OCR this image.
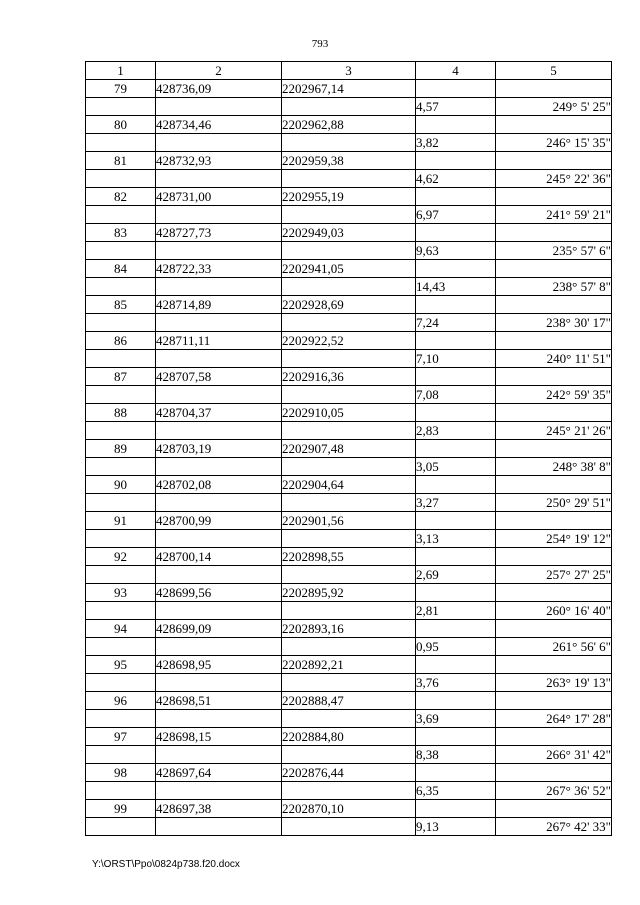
793
1	2	3	4	5
79	428736,09	2202967,14		
			4,57	249° 5' 25"
80	428734,46	2202962,88		
			3,82	246° 15' 35"
81	428732,93	2202959,38		
			4,62	245° 22' 36"
82	428731,00	2202955,19		
			6,97	241° 59' 21"
83	428727,73	2202949,03		
			9,63	235° 57' 6"
84	428722,33	2202941,05		
			14,43	238° 57' 8"
85	428714,89	2202928,69		
			7,24	238° 30' 17"
86	428711,11	2202922,52		
			7,10	240° 11' 51"
87	428707,58	2202916,36		
			7,08	242° 59' 35"
88	428704,37	2202910,05		
			2,83	245° 21' 26"
89	428703,19	2202907,48		
			3,05	248° 38' 8"
90	428702,08	2202904,64		
			3,27	250° 29' 51"
91	428700,99	2202901,56		
			3,13	254° 19' 12"
92	428700,14	2202898,55		
			2,69	257° 27' 25"
93	428699,56	2202895,92		
			2,81	260° 16' 40"
94	428699,09	2202893,16		
			0,95	261° 56' 6"
95	428698,95	2202892,21		
			3,76	263° 19' 13"
96	428698,51	2202888,47		
			3,69	264° 17' 28"
97	428698,15	2202884,80		
			8,38	266° 31' 42"
98	428697,64	2202876,44		
			6,35	267° 36' 52"
99	428697,38	2202870,10		
			9,13	267° 42' 33"
Y:\ORST\Ppo\0824p738.f20.docx
